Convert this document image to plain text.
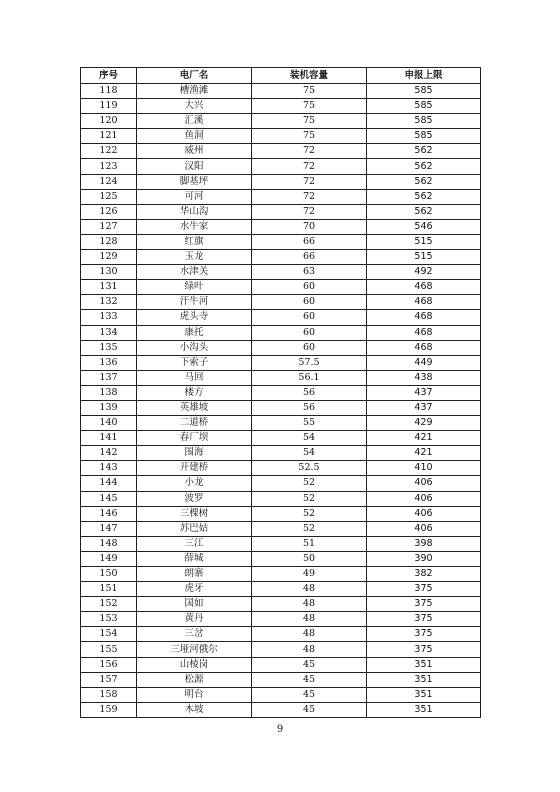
序号	电厂名	装机容量	申报上限
118	槽渔滩	75	585
119	大兴	75	585
120	汇溪	75	585
121	鱼洞	75	585
122	威州	72	562
123	汉阳	72	562
124	脚基坪	72	562
125	可河	72	562
126	华山沟	72	562
127	水牛家	70	546
128	红旗	66	515
129	玉龙	66	515
130	水津关	63	492
131	绿叶	60	468
132	汗牛河	60	468
133	虎头寺	60	468
134	康托	60	468
135	小沟头	60	468
136	下索子	57.5	449
137	马回	56.1	438
138	楼方	56	437
139	英雄坡	56	437
140	二道桥	55	429
141	春厂坝	54	421
142	围海	54	421
143	开建桥	52.5	410
144	小龙	52	406
145	波罗	52	406
146	三棵树	52	406
147	苏巴姑	52	406
148	三江	51	398
149	薛城	50	390
150	朗寨	49	382
151	虎牙	48	375
152	国如	48	375
153	黄丹	48	375
154	三岔	48	375
155	三垭河俄尔	48	375
156	山棱岗	45	351
157	松源	45	351
158	明台	45	351
159	木坡	45	351
9
